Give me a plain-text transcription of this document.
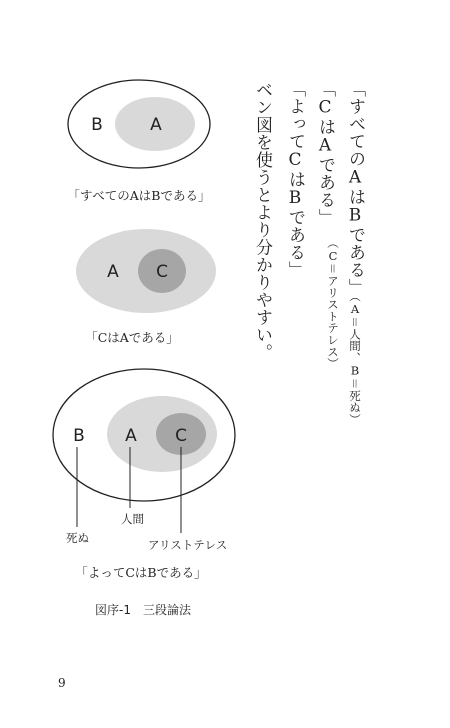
B	A
「すべてのAはBである」
A C
「CはAである」
B A C
人間
死ぬ	アリストテレス
「よってCはBである」
図序-1　三段論法
9
「すべてのAはBである」（A＝人間、B＝死ぬ）
「CはAである」
（C＝アリストテレス）
「よってCはBである」
ベン図を使うとより分かりやすい。
